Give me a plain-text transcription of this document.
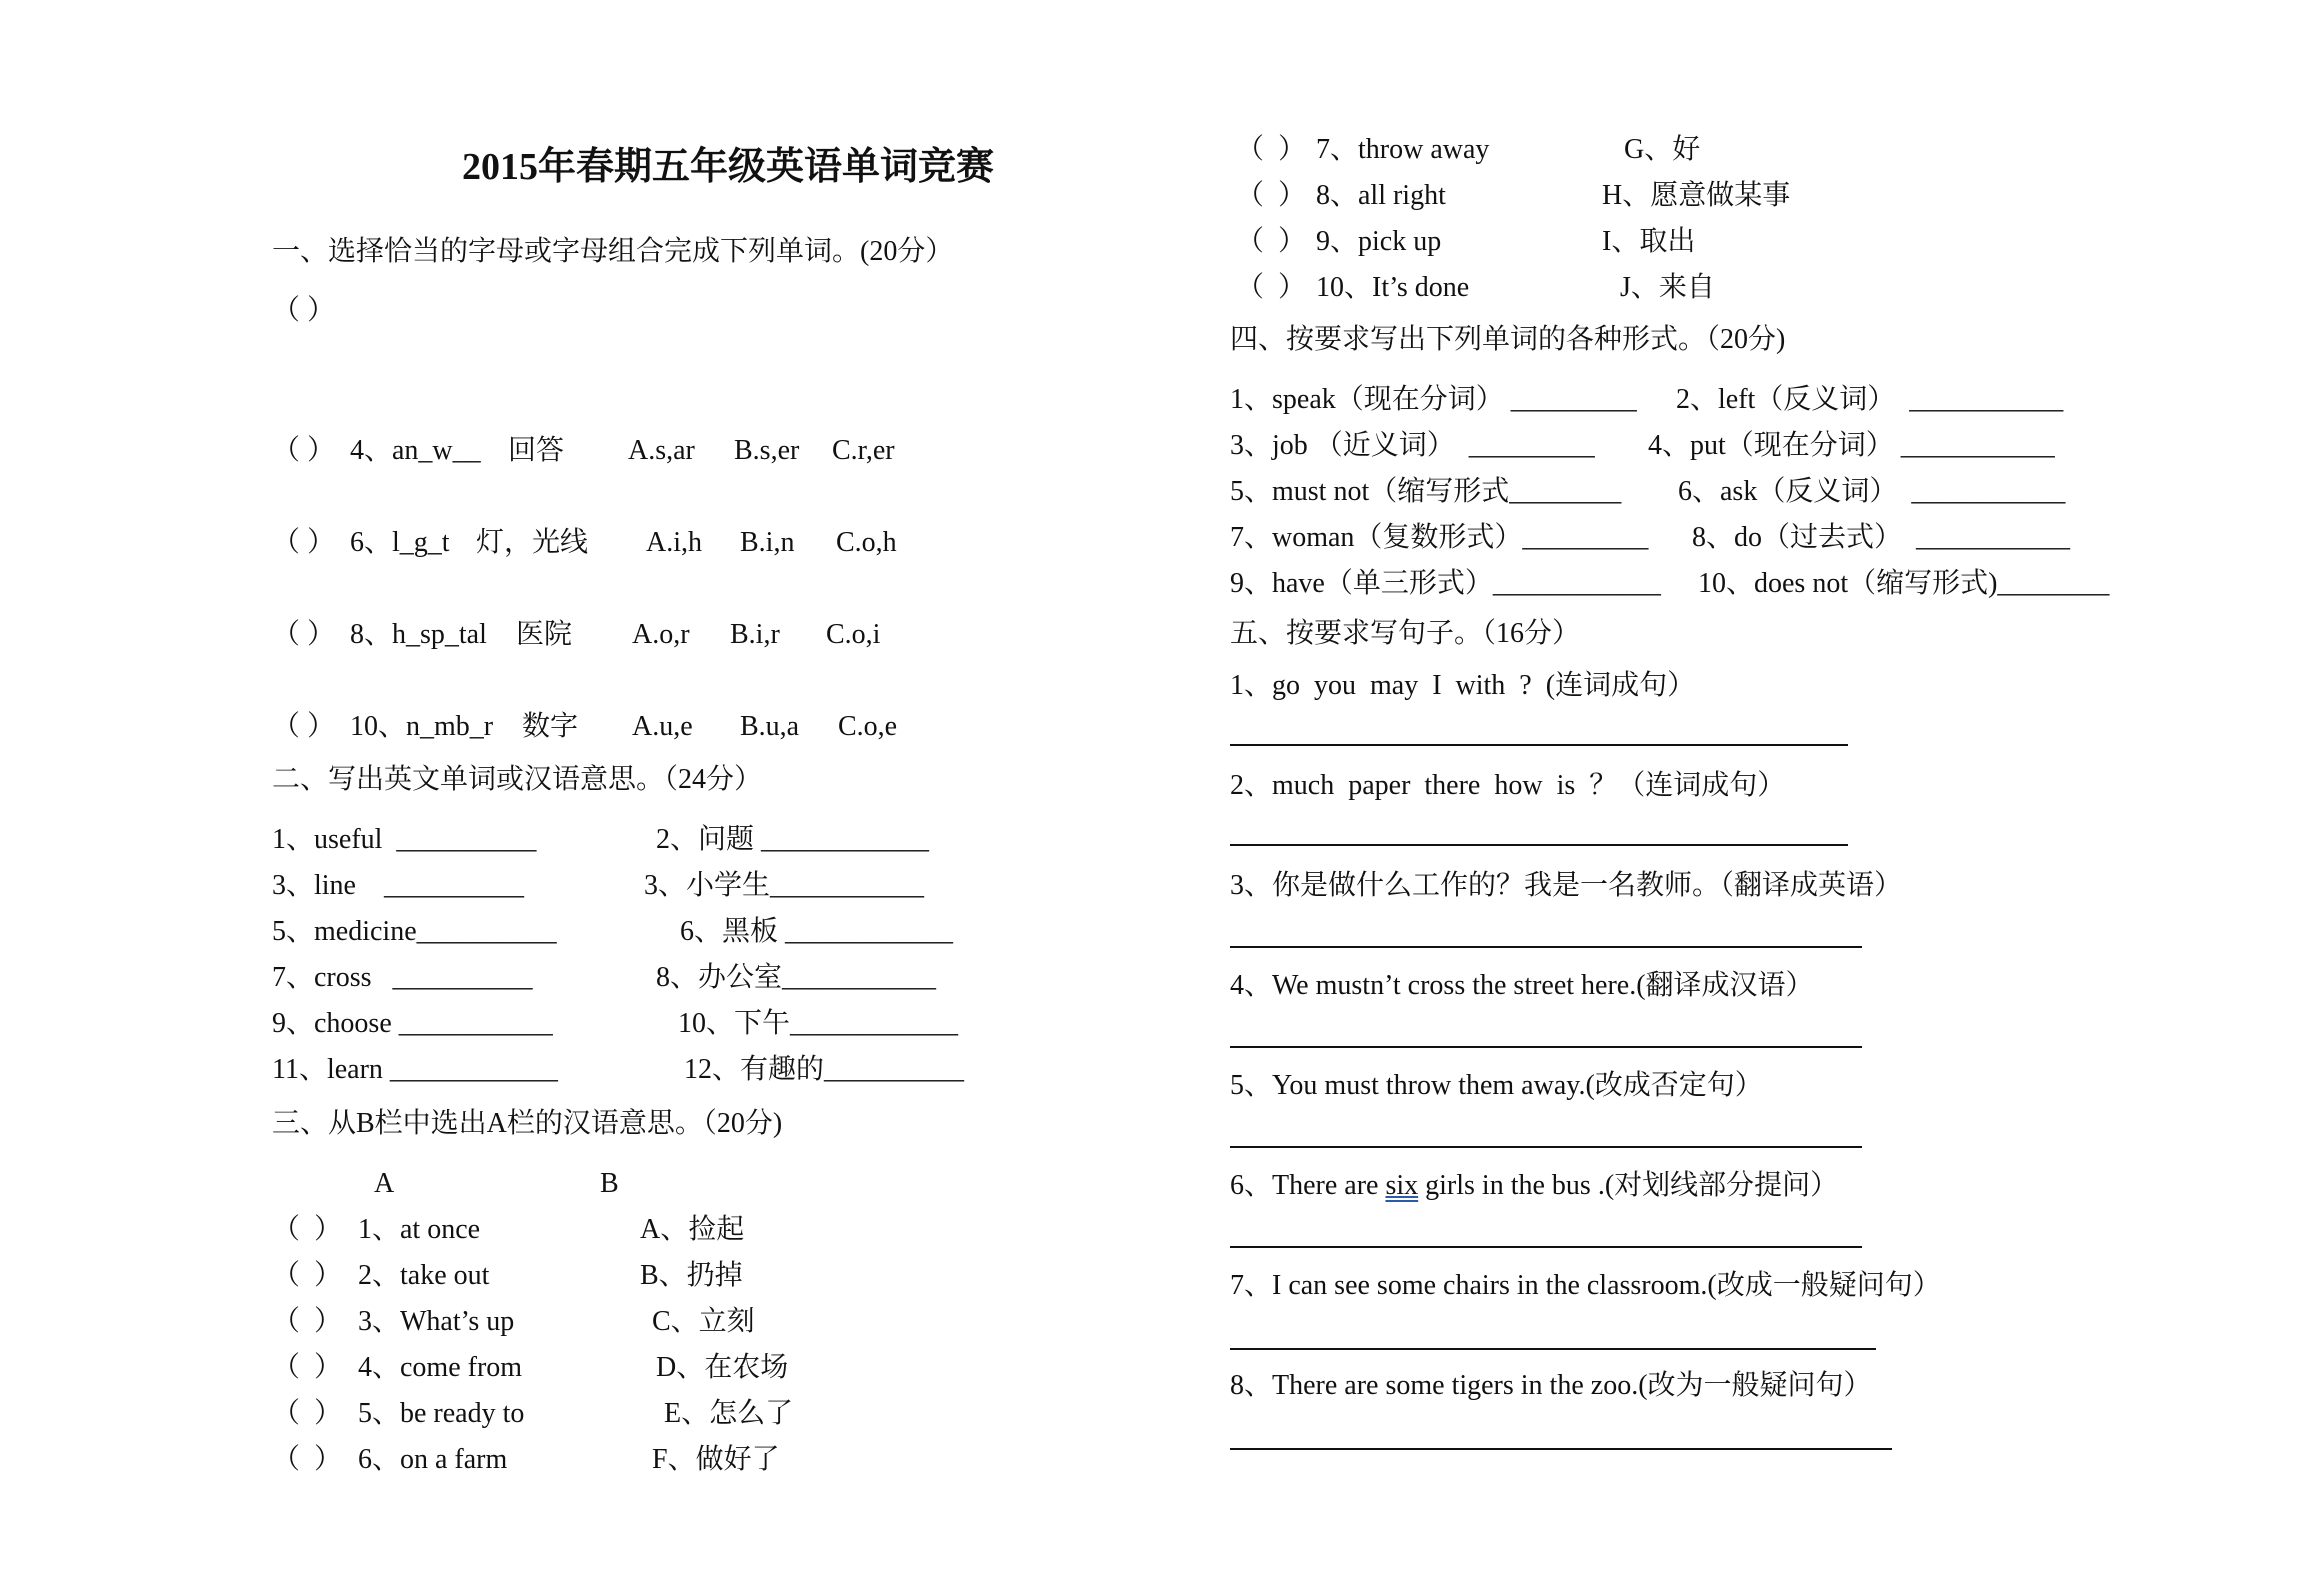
2015年春期五年级英语单词竞赛
一、选择恰当的字母或字母组合完成下列单词。(20分）
（ ）
（ ） 4、an_w__ 回答 A.s,ar B.s,er C.r,er
（ ） 6、l_g_t 灯，光线 A.i,h B.i,n C.o,h
（ ） 8、h_sp_tal 医院 A.o,r B.i,r C.o,i
（ ） 10、n_mb_r 数字 A.u,e B.u,a C.o,e
二、写出英文单词或汉语意思。（24分）
1、useful  __________	2、问题 ____________
3、line    __________	3、小学生___________
5、medicine__________	6、黑板 ____________
7、cross   __________	8、办公室___________
9、choose ___________	10、下午____________
11、learn ____________	12、有趣的__________
三、从B栏中选出A栏的汉语意思。（20分)
A	B
（  ） 1、at once	A、捡起
（  ） 2、take out	B、扔掉
（  ） 3、What’s up	C、立刻
（  ） 4、come from	D、在农场
（  ） 5、be ready to	E、怎么了
（  ） 6、on a farm	F、做好了
（  ） 7、throw away	G、好
（  ） 8、all right	H、愿意做某事
（  ） 9、pick up	I、取出
（  ） 10、It’s done	J、来自
四、按要求写出下列单词的各种形式。（20分)
1、speak（现在分词） _________ 2、left（反义词）  ___________
3、job （近义词）  _________ 4、put（现在分词） ___________
5、must not（缩写形式________ 6、ask（反义词）  ___________
7、woman（复数形式）_________ 8、do（过去式）  ___________
9、have（单三形式）____________ 10、does not（缩写形式)________
五、按要求写句子。（16分）
1、go  you  may  I  with  ?  (连词成句）
2、much  paper  there  how  is  ？（连词成句）
3、你是做什么工作的？我是一名教师。（翻译成英语）
4、We mustn’t cross the street here.(翻译成汉语）
5、You must throw them away.(改成否定句）
6、There are six girls in the bus .(对划线部分提问）
7、I can see some chairs in the classroom.(改成一般疑问句）
8、There are some tigers in the zoo.(改为一般疑问句）
